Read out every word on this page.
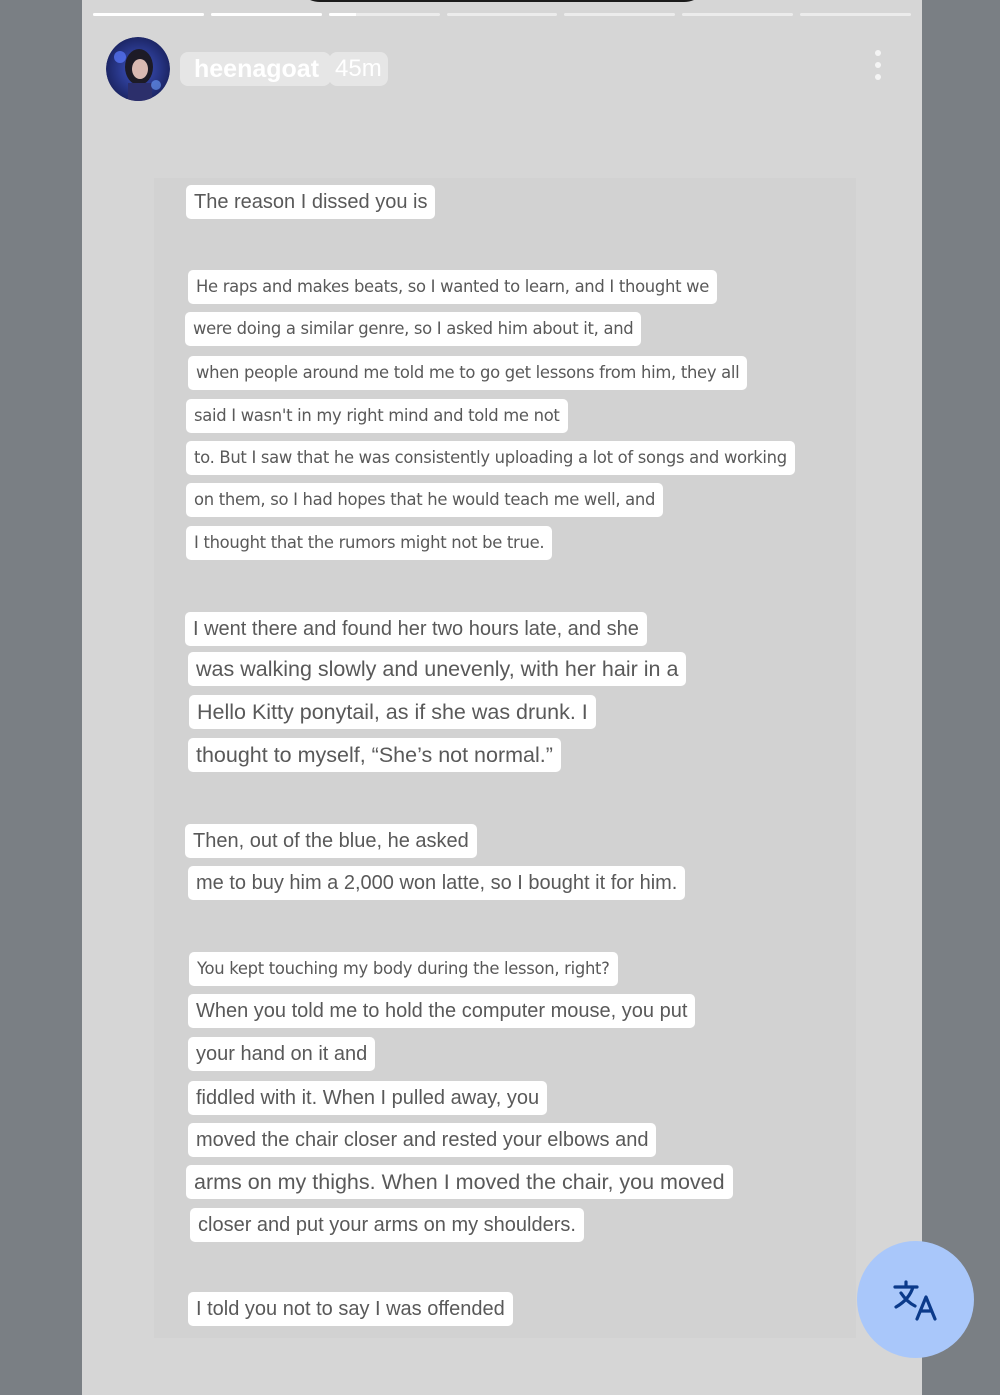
heenagoat 45m
The reason I dissed you is
He raps and makes beats, so I wanted to learn, and I thought we
were doing a similar genre, so I asked him about it, and
when people around me told me to go get lessons from him, they all
said I wasn't in my right mind and told me not
to. But I saw that he was consistently uploading a lot of songs and working
on them, so I had hopes that he would teach me well, and
I thought that the rumors might not be true.
I went there and found her two hours late, and she
was walking slowly and unevenly, with her hair in a
Hello Kitty ponytail, as if she was drunk. I
thought to myself, “She’s not normal.”
Then, out of the blue, he asked
me to buy him a 2,000 won latte, so I bought it for him.
You kept touching my body during the lesson, right?
When you told me to hold the computer mouse, you put
your hand on it and
fiddled with it. When I pulled away, you
moved the chair closer and rested your elbows and
arms on my thighs. When I moved the chair, you moved
closer and put your arms on my shoulders.
I told you not to say I was offended
